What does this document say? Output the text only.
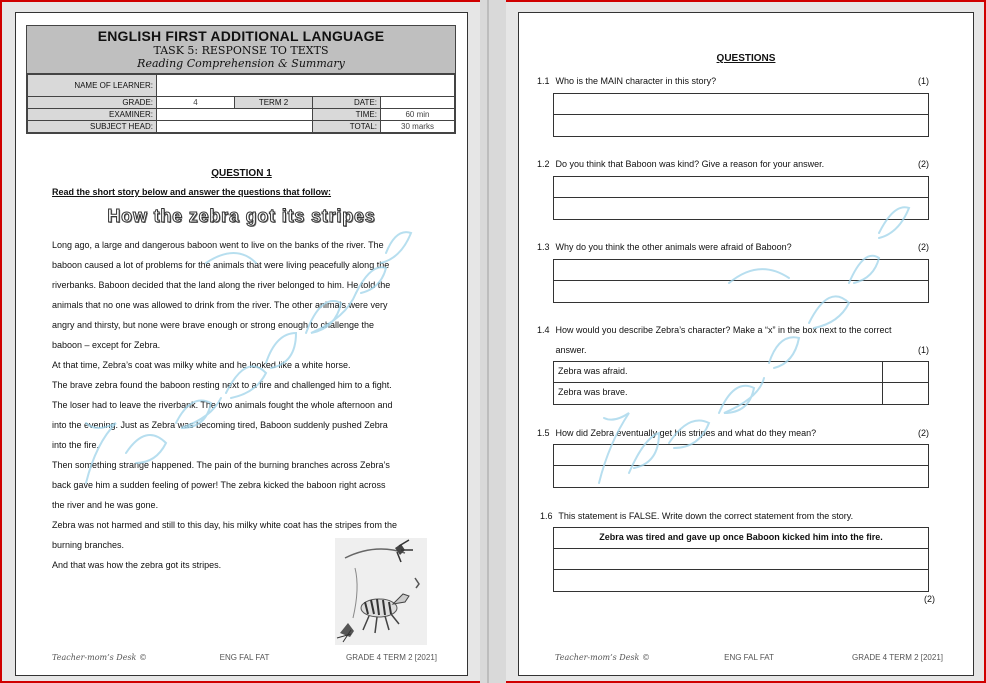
ENGLISH FIRST ADDITIONAL LANGUAGE
TASK 5: RESPONSE TO TEXTS
Reading Comprehension & Summary
NAME OF LEARNER:				
GRADE:	4	TERM 2	DATE:	
EXAMINER:			TIME:	60 min
SUBJECT HEAD:			TOTAL:	30 marks
QUESTION 1
Read the short story below and answer the questions that follow:
How the zebra got its stripes

Long ago, a large and dangerous baboon went to live on the banks of the river. The

baboon caused a lot of problems for the animals that were living peacefully along the

riverbanks. Baboon decided that the land along the river belonged to him. He told the

animals that no one was allowed to drink from the river. The other animals were very

angry and thirsty, but none were brave enough or strong enough to challenge the

baboon – except for Zebra.

At that time, Zebra’s coat was milky white and he looked like a white horse.

The brave zebra found the baboon resting next to a fire and challenged him to a fight.

The loser had to leave the riverbank. The two animals fought the whole afternoon and

into the evening. Just as Zebra was becoming tired, Baboon suddenly pushed Zebra

into the fire.

Then something strange happened. The pain of the burning branches across Zebra’s

back gave him a sudden feeling of power! The zebra kicked the baboon right across

the river and he was gone.

Zebra was not harmed and still to this day, his milky white coat has the stripes from the

burning branches.

And that was how the zebra got its stripes.

Teacher-mom’s Desk ©	ENG FAL FAT	GRADE 4 TERM 2 [2021]
QUESTIONS
1.1 Who is the MAIN character in this story?	(1)
1.2 Do you think that Baboon was kind? Give a reason for your answer.	(2)
1.3 Why do you think the other animals were afraid of Baboon?	(2)
1.4 How would you describe Zebra’s character? Make a “x” in the box next to the correct
answer.	(1)
Zebra was afraid.
Zebra was brave.
1.5 How did Zebra eventually get his stripes and what do they mean?	(2)
1.6 This statement is FALSE. Write down the correct statement from the story.
Zebra was tired and gave up once Baboon kicked him into the fire.
(2)
Teacher-mom’s Desk ©	ENG FAL FAT	GRADE 4 TERM 2 [2021]
